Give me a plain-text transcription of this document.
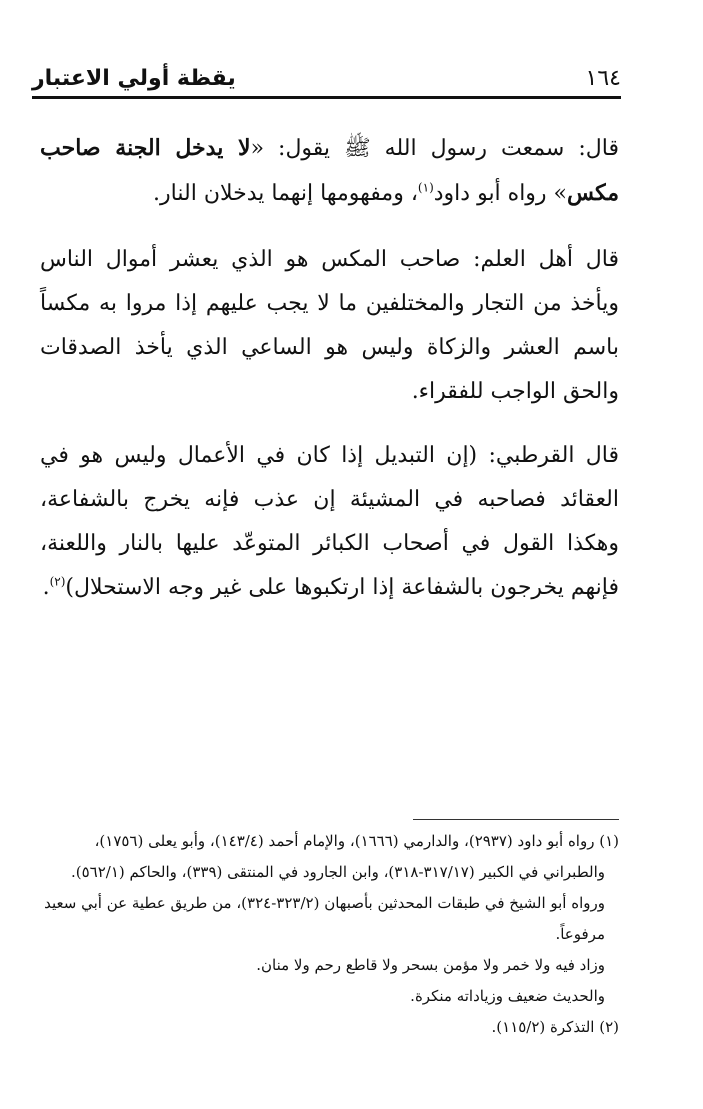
١٦٤
يقظة أولي الاعتبار

قال: سمعت رسول الله ﷺ يقول: «لا يدخل الجنة صاحب مكس» رواه أبو داود$^{(١)}$، ومفهومها إنهما يدخلان النار.

قال أهل العلم: صاحب المكس هو الذي يعشر أموال الناس ويأخذ من التجار والمختلفين ما لا يجب عليهم إذا مروا به مكساً باسم العشر والزكاة وليس هو الساعي الذي يأخذ الصدقات والحق الواجب للفقراء.

قال القرطبي: (إن التبديل إذا كان في الأعمال وليس هو في العقائد فصاحبه في المشيئة إن عذب فإنه يخرج بالشفاعة، وهكذا القول في أصحاب الكبائر المتوعّد عليها بالنار واللعنة، فإنهم يخرجون بالشفاعة إذا ارتكبوها على غير وجه الاستحلال)$^{(٢)}$.

(١) رواه أبو داود (٢٩٣٧)، والدارمي (١٦٦٦)، والإمام أحمد (١٤٣/٤)، وأبو يعلى (١٧٥٦)،

والطبراني في الكبير (٣١٧/١٧-٣١٨)، وابن الجارود في المنتقى (٣٣٩)، والحاكم (٥٦٢/١).

ورواه أبو الشيخ في طبقات المحدثين بأصبهان (٣٢٣/٢-٣٢٤)، من طريق عطية عن أبي سعيد

مرفوعاً.

وزاد فيه ولا خمر ولا مؤمن بسحر ولا قاطع رحم ولا منان.

والحديث ضعيف وزياداته منكرة.

(٢) التذكرة (١١٥/٢).
